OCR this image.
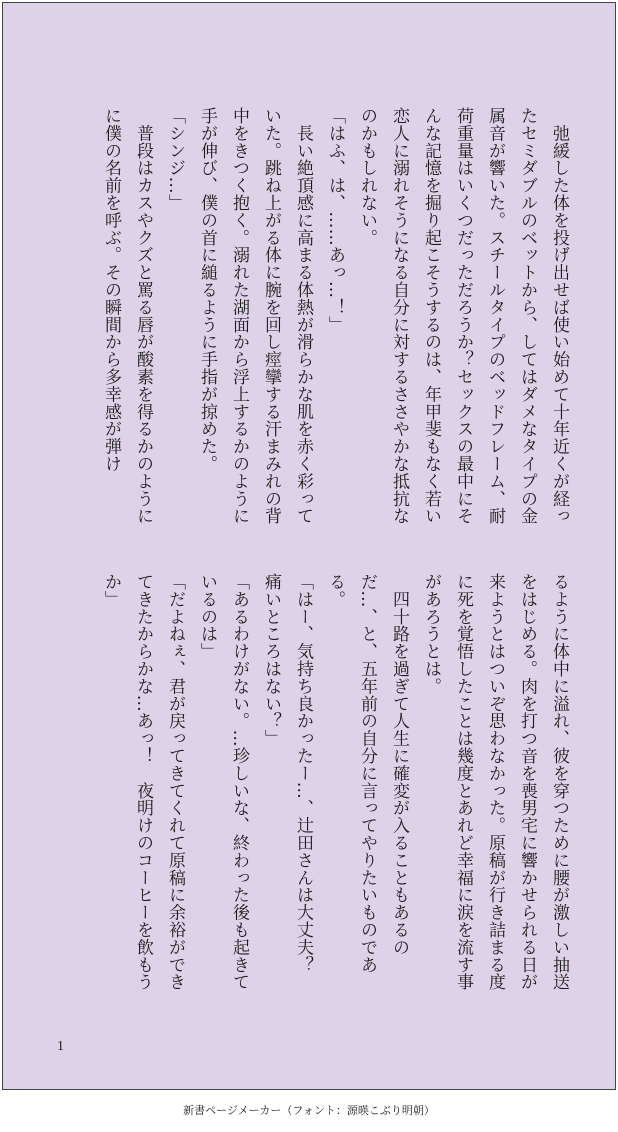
　弛緩した体を投げ出せば使い始めて十年近くが経ったセミダブルのベットから、してはダメなタイプの金属音が響いた。スチールタイプのベッドフレーム、耐荷重量はいくつだっただろうか？セックスの最中にそんな記憶を掘り起こそうするのは、年甲斐もなく若い恋人に溺れそうになる自分に対するささやかな抵抗なのかもしれない。
「はふ、は、……あっ…！」
　長い絶頂感に高まる体熱が滑らかな肌を赤く彩っていた。跳ね上がる体に腕を回し痙攣する汗まみれの背中をきつく抱く。溺れた湖面から浮上するかのように手が伸び、僕の首に縋るように手指が掠めた。
「シンジ…」
　普段はカスやクズと罵る唇が酸素を得るかのようにに僕の名前を呼ぶ。その瞬間から多幸感が弾け
るように体中に溢れ、彼を穿つために腰が激しい抽送をはじめる。肉を打つ音を喪男宅に響かせられる日が来ようとはついぞ思わなかった。原稿が行き詰まる度に死を覚悟したことは幾度とあれど幸福に涙を流す事があろうとは。
　四十路を過ぎて人生に確変が入ることもあるのだ…、と、五年前の自分に言ってやりたいものである。
「はー、気持ち良かったー…、辻田さんは大丈夫？　痛いところはない？」
「あるわけがない。…珍しいな、終わった後も起きているのは」
「だよねぇ、君が戻ってきてくれて原稿に余裕ができてきたからかな…あっ！　夜明けのコーヒーを飲もうか」
1
新書ページメーカー（フォント：源暎こぶり明朝）
